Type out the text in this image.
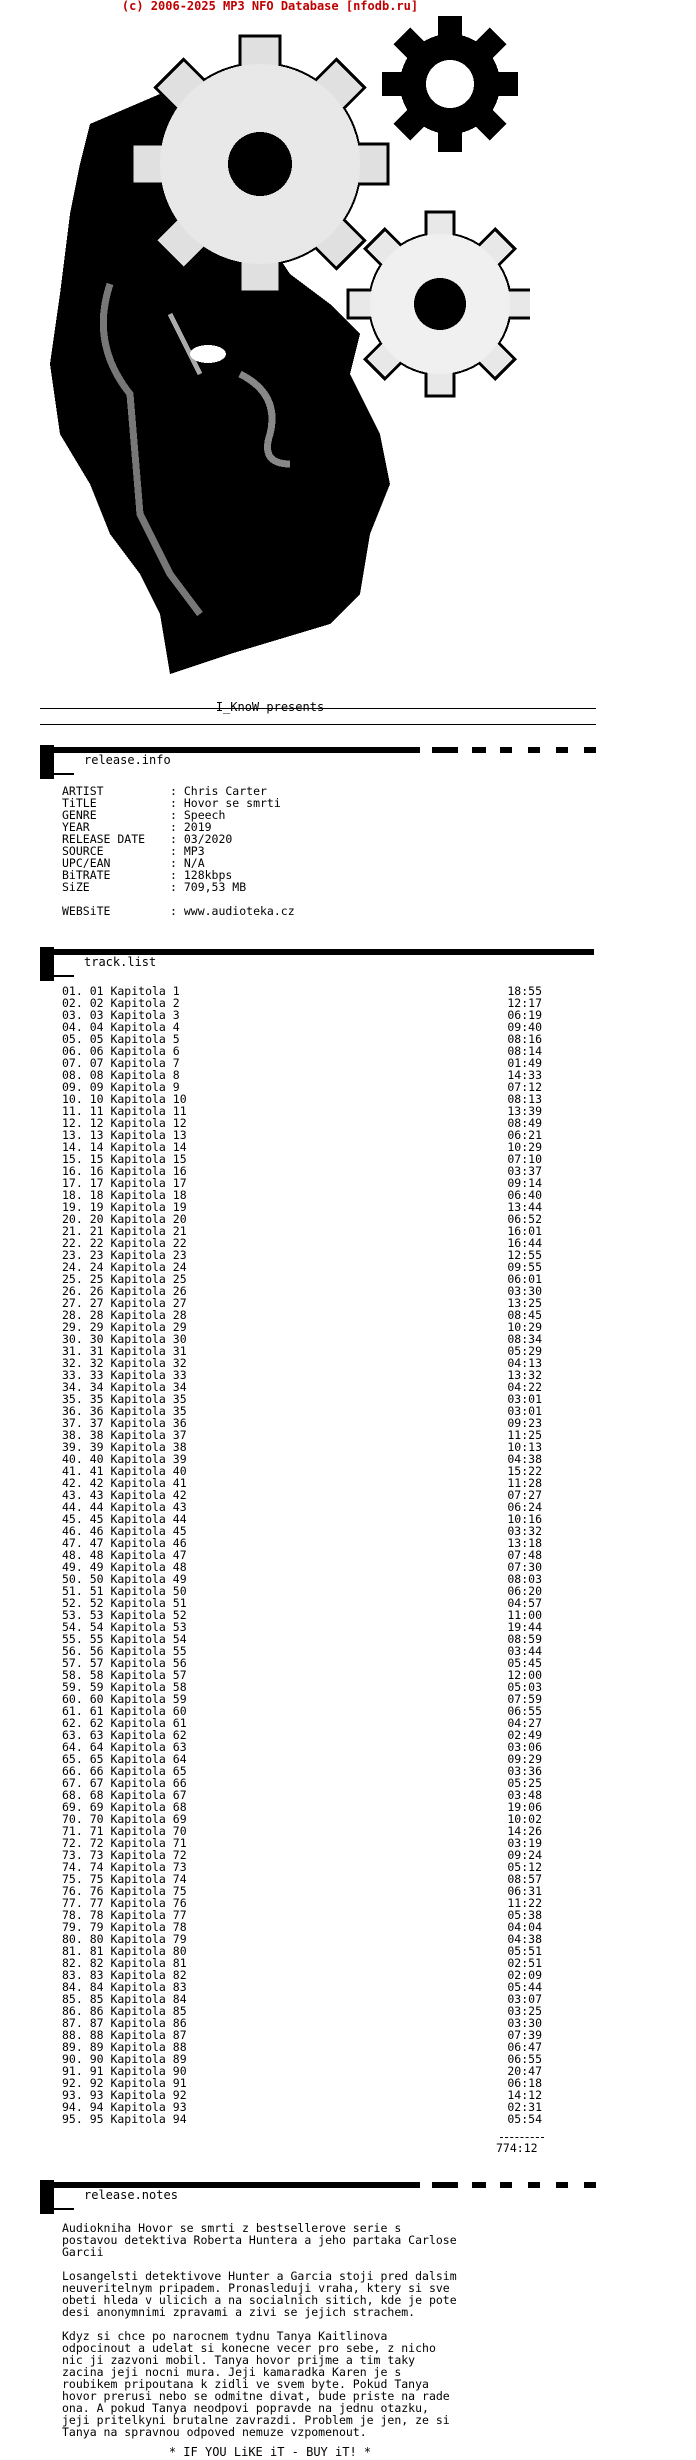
(c) 2006-2025 MP3 NFO Database [nfodb.ru]
I_KnoW presents
release.info
ARTIST	: Chris Carter
TiTLE	: Hovor se smrti
GENRE	: Speech
YEAR	: 2019
RELEASE DATE	: 03/2020
SOURCE	: MP3
UPC/EAN	: N/A
BiTRATE	: 128kbps
SiZE	: 709,53 MB
WEBSiTE	: www.audioteka.cz
track.list
01. 01 Kapitola 1	18:55
02. 02 Kapitola 2	12:17
03. 03 Kapitola 3	06:19
04. 04 Kapitola 4	09:40
05. 05 Kapitola 5	08:16
06. 06 Kapitola 6	08:14
07. 07 Kapitola 7	01:49
08. 08 Kapitola 8	14:33
09. 09 Kapitola 9	07:12
10. 10 Kapitola 10	08:13
11. 11 Kapitola 11	13:39
12. 12 Kapitola 12	08:49
13. 13 Kapitola 13	06:21
14. 14 Kapitola 14	10:29
15. 15 Kapitola 15	07:10
16. 16 Kapitola 16	03:37
17. 17 Kapitola 17	09:14
18. 18 Kapitola 18	06:40
19. 19 Kapitola 19	13:44
20. 20 Kapitola 20	06:52
21. 21 Kapitola 21	16:01
22. 22 Kapitola 22	16:44
23. 23 Kapitola 23	12:55
24. 24 Kapitola 24	09:55
25. 25 Kapitola 25	06:01
26. 26 Kapitola 26	03:30
27. 27 Kapitola 27	13:25
28. 28 Kapitola 28	08:45
29. 29 Kapitola 29	10:29
30. 30 Kapitola 30	08:34
31. 31 Kapitola 31	05:29
32. 32 Kapitola 32	04:13
33. 33 Kapitola 33	13:32
34. 34 Kapitola 34	04:22
35. 35 Kapitola 35	03:01
36. 36 Kapitola 35	03:01
37. 37 Kapitola 36	09:23
38. 38 Kapitola 37	11:25
39. 39 Kapitola 38	10:13
40. 40 Kapitola 39	04:38
41. 41 Kapitola 40	15:22
42. 42 Kapitola 41	11:28
43. 43 Kapitola 42	07:27
44. 44 Kapitola 43	06:24
45. 45 Kapitola 44	10:16
46. 46 Kapitola 45	03:32
47. 47 Kapitola 46	13:18
48. 48 Kapitola 47	07:48
49. 49 Kapitola 48	07:30
50. 50 Kapitola 49	08:03
51. 51 Kapitola 50	06:20
52. 52 Kapitola 51	04:57
53. 53 Kapitola 52	11:00
54. 54 Kapitola 53	19:44
55. 55 Kapitola 54	08:59
56. 56 Kapitola 55	03:44
57. 57 Kapitola 56	05:45
58. 58 Kapitola 57	12:00
59. 59 Kapitola 58	05:03
60. 60 Kapitola 59	07:59
61. 61 Kapitola 60	06:55
62. 62 Kapitola 61	04:27
63. 63 Kapitola 62	02:49
64. 64 Kapitola 63	03:06
65. 65 Kapitola 64	09:29
66. 66 Kapitola 65	03:36
67. 67 Kapitola 66	05:25
68. 68 Kapitola 67	03:48
69. 69 Kapitola 68	19:06
70. 70 Kapitola 69	10:02
71. 71 Kapitola 70	14:26
72. 72 Kapitola 71	03:19
73. 73 Kapitola 72	09:24
74. 74 Kapitola 73	05:12
75. 75 Kapitola 74	08:57
76. 76 Kapitola 75	06:31
77. 77 Kapitola 76	11:22
78. 78 Kapitola 77	05:38
79. 79 Kapitola 78	04:04
80. 80 Kapitola 79	04:38
81. 81 Kapitola 80	05:51
82. 82 Kapitola 81	02:51
83. 83 Kapitola 82	02:09
84. 84 Kapitola 83	05:44
85. 85 Kapitola 84	03:07
86. 86 Kapitola 85	03:25
87. 87 Kapitola 86	03:30
88. 88 Kapitola 87	07:39
89. 89 Kapitola 88	06:47
90. 90 Kapitola 89	06:55
91. 91 Kapitola 90	20:47
92. 92 Kapitola 91	06:18
93. 93 Kapitola 92	14:12
94. 94 Kapitola 93	02:31
95. 95 Kapitola 94	05:54
774:12
release.notes

Audiokniha Hovor se smrti z bestsellerove serie s
postavou detektiva Roberta Huntera a jeho partaka Carlose
Garcii

Losangelsti detektivove Hunter a Garcia stoji pred dalsim
neuveritelnym pripadem. Pronasleduji vraha, ktery si sve
obeti hleda v ulicich a na socialnich sitich, kde je pote
desi anonymnimi zpravami a zivi se jejich strachem.

Kdyz si chce po narocnem tydnu Tanya Kaitlinova
odpocinout a udelat si konecne vecer pro sebe, z nicho
nic ji zazvoni mobil. Tanya hovor prijme a tim taky
zacina jeji nocni mura. Jeji kamaradka Karen je s
roubikem pripoutana k zidli ve svem byte. Pokud Tanya
hovor prerusi nebo se odmitne divat, bude priste na rade
ona. A pokud Tanya neodpovi popravde na jednu otazku,
jeji pritelkyni brutalne zavrazdi. Problem je jen, ze si
Tanya na spravnou odpoved nemuze vzpomenout.

* IF YOU LiKE iT - BUY iT! *
